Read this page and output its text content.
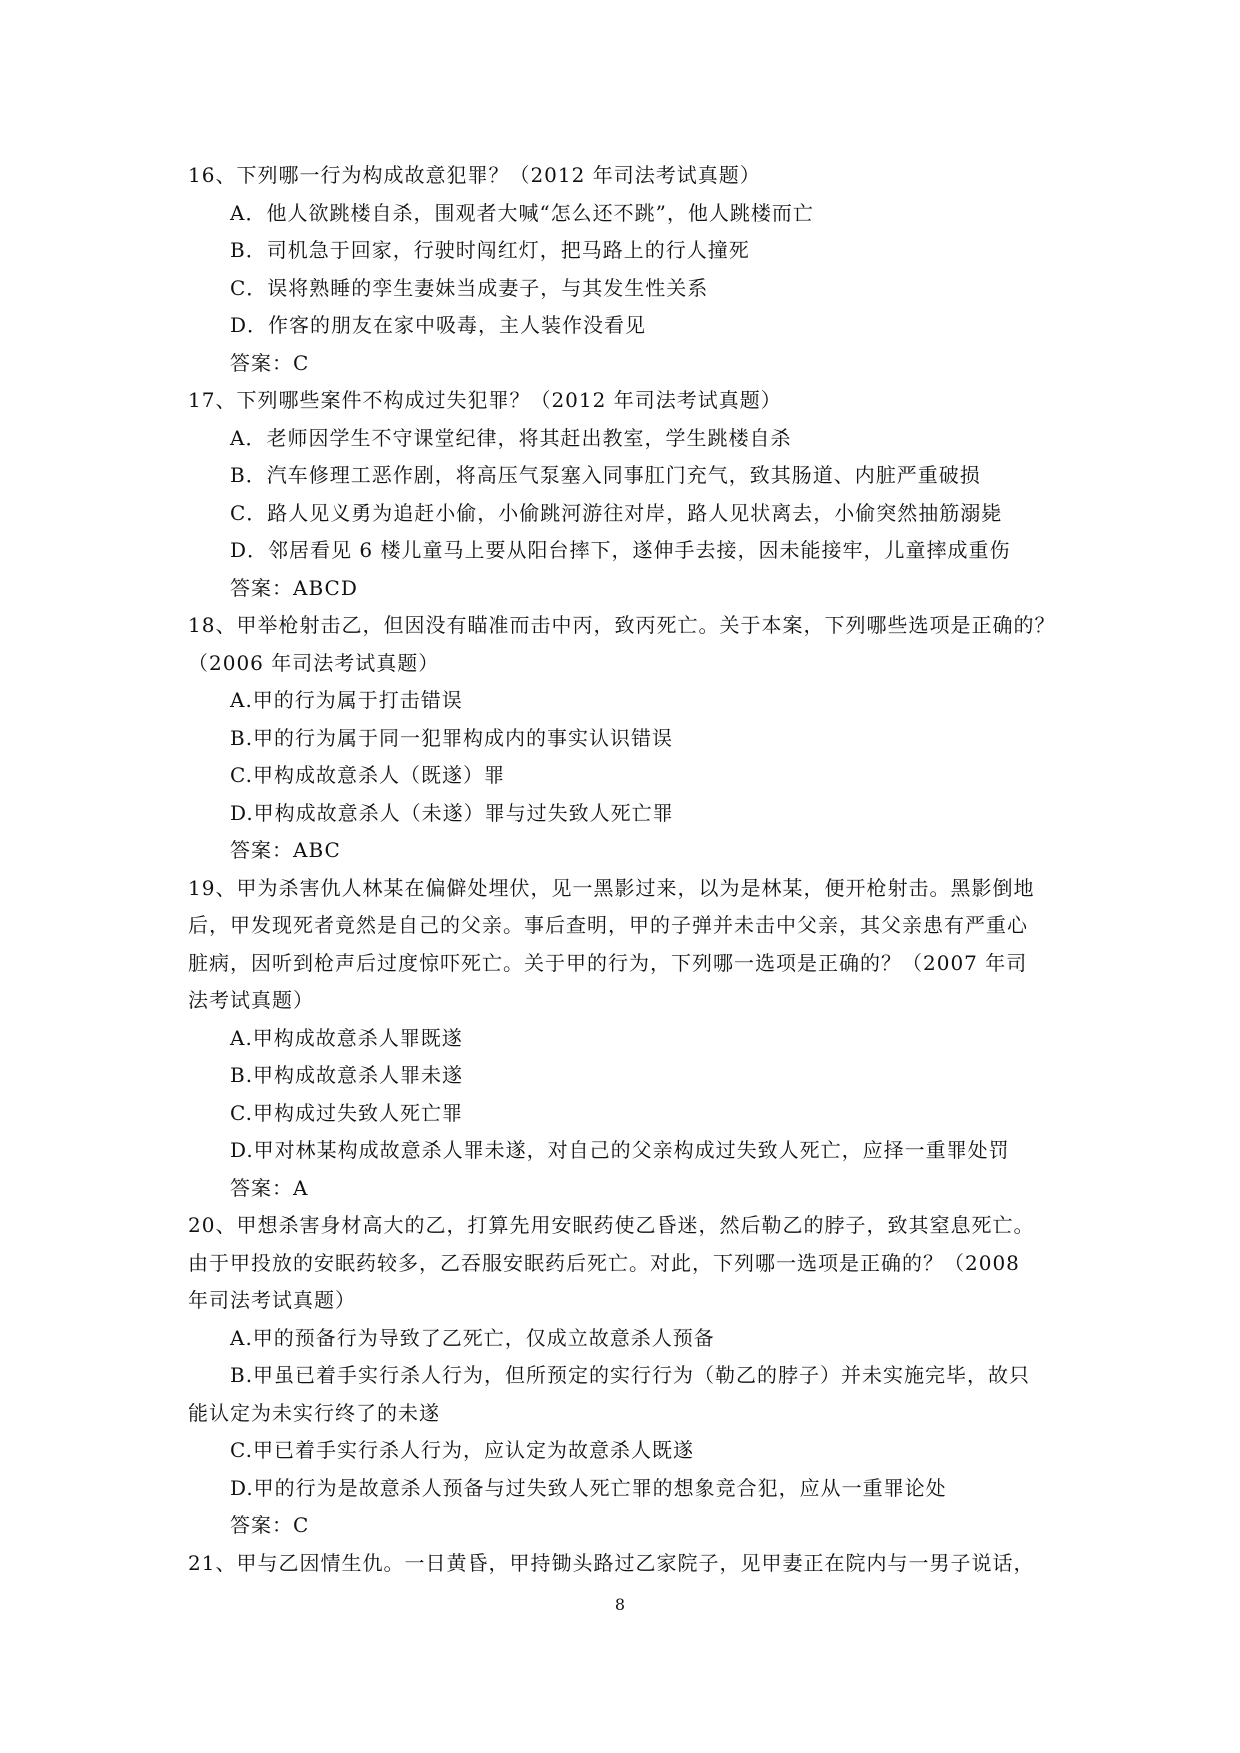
16、下列哪一行为构成故意犯罪？（2012 年司法考试真题）
A．他人欲跳楼自杀，围观者大喊“怎么还不跳”，他人跳楼而亡
B．司机急于回家，行驶时闯红灯，把马路上的行人撞死
C．误将熟睡的孪生妻妹当成妻子，与其发生性关系
D．作客的朋友在家中吸毒，主人装作没看见
答案：C
17、下列哪些案件不构成过失犯罪？（2012 年司法考试真题）
A．老师因学生不守课堂纪律，将其赶出教室，学生跳楼自杀
B．汽车修理工恶作剧，将高压气泵塞入同事肛门充气，致其肠道、内脏严重破损
C．路人见义勇为追赶小偷，小偷跳河游往对岸，路人见状离去，小偷突然抽筋溺毙
D．邻居看见 6 楼儿童马上要从阳台摔下，遂伸手去接，因未能接牢，儿童摔成重伤
答案：ABCD
18、甲举枪射击乙，但因没有瞄准而击中丙，致丙死亡。关于本案，下列哪些选项是正确的？
（2006 年司法考试真题）
A.甲的行为属于打击错误
B.甲的行为属于同一犯罪构成内的事实认识错误
C.甲构成故意杀人（既遂）罪
D.甲构成故意杀人（未遂）罪与过失致人死亡罪
答案：ABC
19、甲为杀害仇人林某在偏僻处埋伏，见一黑影过来，以为是林某，便开枪射击。黑影倒地
后，甲发现死者竟然是自己的父亲。事后查明，甲的子弹并未击中父亲，其父亲患有严重心
脏病，因听到枪声后过度惊吓死亡。关于甲的行为，下列哪一选项是正确的？（2007 年司
法考试真题）
A.甲构成故意杀人罪既遂
B.甲构成故意杀人罪未遂
C.甲构成过失致人死亡罪
D.甲对林某构成故意杀人罪未遂，对自己的父亲构成过失致人死亡，应择一重罪处罚
答案：A
20、甲想杀害身材高大的乙，打算先用安眠药使乙昏迷，然后勒乙的脖子，致其窒息死亡。
由于甲投放的安眠药较多，乙吞服安眠药后死亡。对此，下列哪一选项是正确的？（2008
年司法考试真题）
A.甲的预备行为导致了乙死亡，仅成立故意杀人预备
B.甲虽已着手实行杀人行为，但所预定的实行行为（勒乙的脖子）并未实施完毕，故只
能认定为未实行终了的未遂
C.甲已着手实行杀人行为，应认定为故意杀人既遂
D.甲的行为是故意杀人预备与过失致人死亡罪的想象竞合犯，应从一重罪论处
答案：C
21、甲与乙因情生仇。一日黄昏，甲持锄头路过乙家院子，见甲妻正在院内与一男子说话，
8
